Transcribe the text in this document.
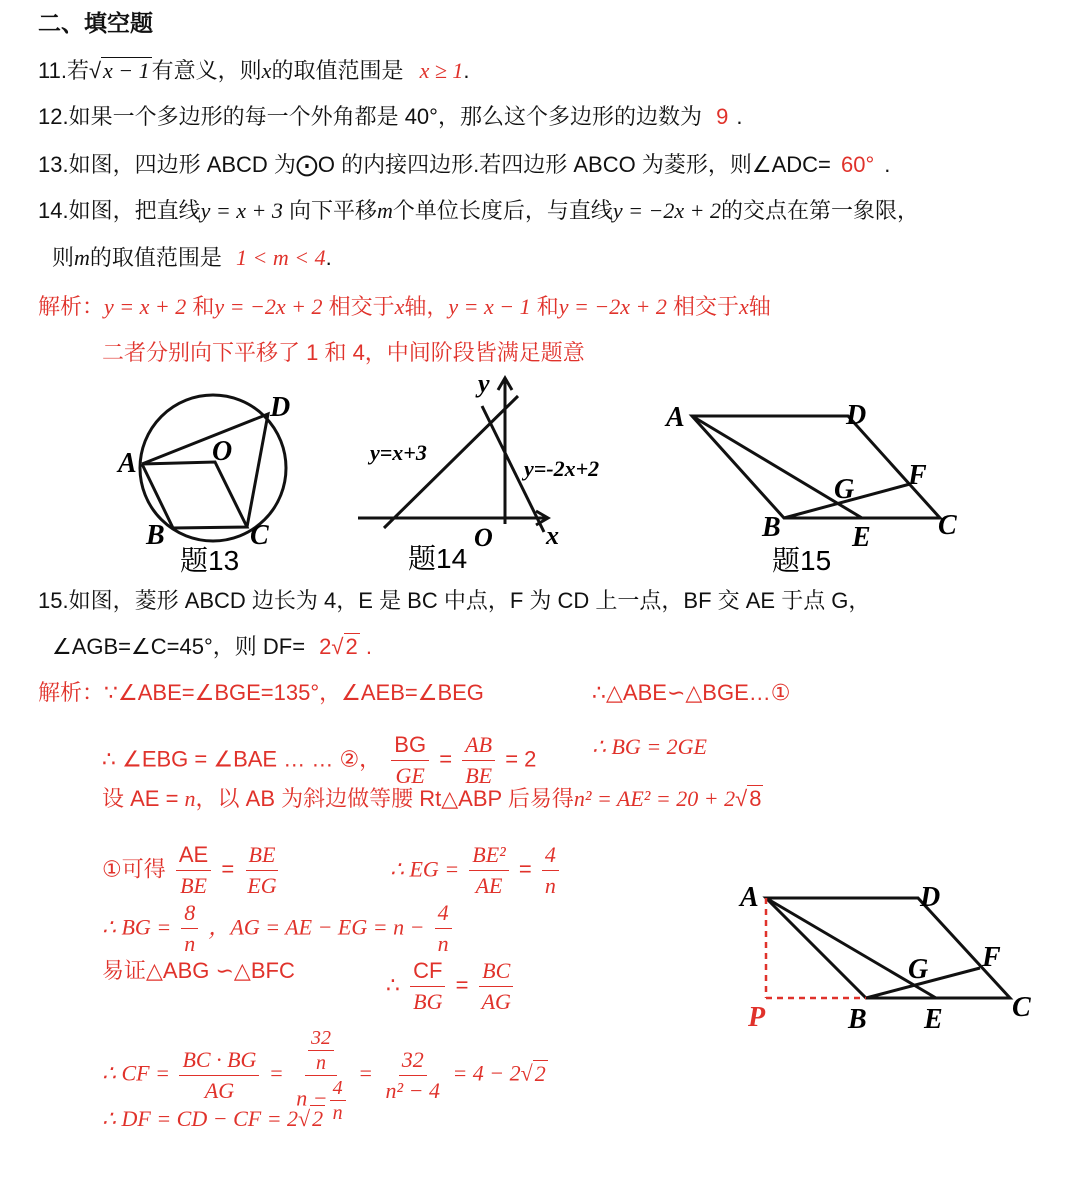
二、填空题
11.若√x − 1有意义，则x的取值范围是 x ≥ 1.
12.如果一个多边形的每一个外角都是 40°，那么这个多边形的边数为 9 .
13.如图，四边形 ABCD 为⨀O 的内接四边形.若四边形 ABCO 为菱形，则∠ADC= 60° .
14.如图，把直线y = x + 3 向下平移m个单位长度后，与直线y = −2x + 2的交点在第一象限，
则m的取值范围是 1 < m < 4.
解析：y = x + 2 和y = −2x + 2 相交于x轴，y = x − 1 和y = −2x + 2 相交于x轴
二者分别向下平移了 1 和 4，中间阶段皆满足题意
A
D
O
B	C
题13
y
x
O
y=x+3
y=-2x+2
题14
A	D
F
G
B	E C
题15
15.如图，菱形 ABCD 边长为 4，E 是 BC 中点，F 为 CD 上一点，BF 交 AE 于点 G，
∠AGB=∠C=45°，则 DF= 2√2 .
解析：∵∠ABE=∠BGE=135°，∠AEB=∠BEG	∴△ABE∽△BGE…①
∴ ∠EBG = ∠BAE … … ②， $\frac{BG}{GE} = \frac{AB}{BE} = 2$	∴ BG = 2GE
设 AE = n，以 AB 为斜边做等腰 Rt△ABP 后易得n² = AE² = 20 + 2√8
①可得 $\frac{AE}{BE} = \frac{BE}{EG}$	∴ EG = $\frac{\text{BE²}}{AE} = \frac{4}{n}$
∴ BG = $\frac{8}{n}$ ，AG = AE − EG = $n - \frac{4}{n}$
易证△ABG ∽△BFC
∴ $\frac{CF}{BG} = \frac{BC}{AG}$
∴ CF = $\frac{BC \cdot BG}{AG} = \frac{\frac{32}{n}}{n - \frac{4}{n}} = \frac{32}{\text{n² − 4}} = 4 - 2√2$
∴ DF = CD − CF = 2√2
A	D
F
G
B E C
P
